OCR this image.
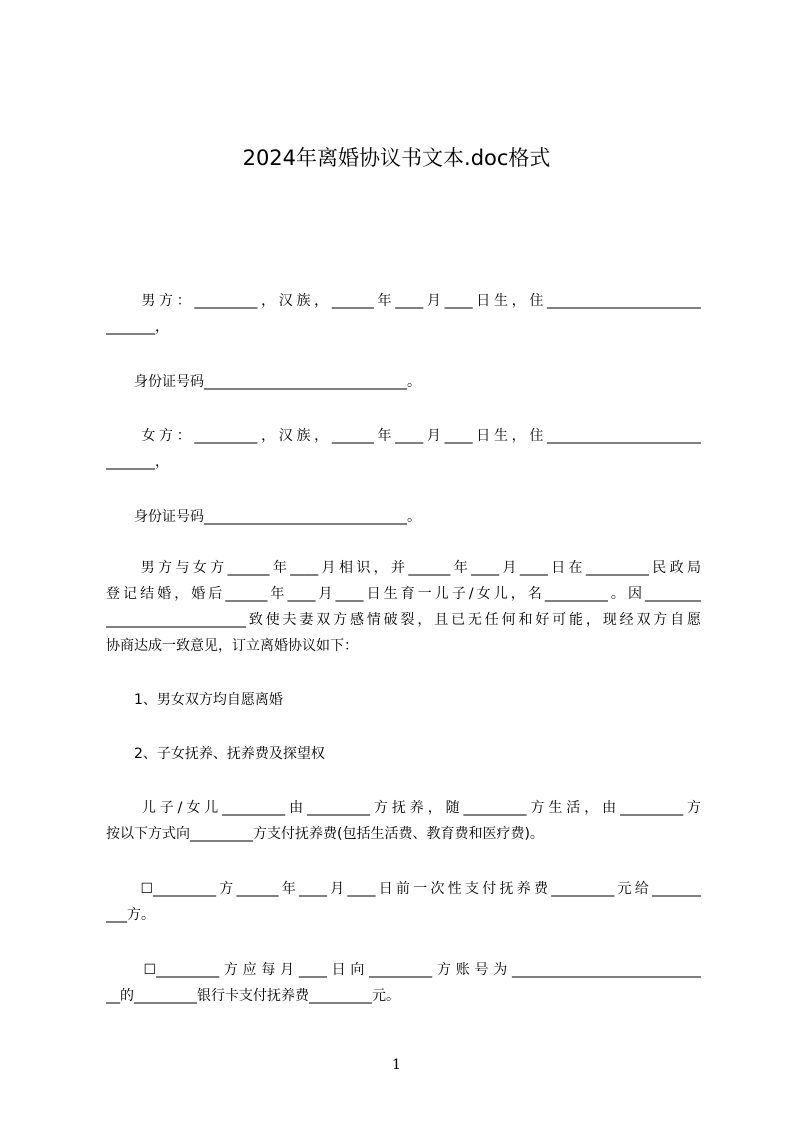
2024年离婚协议书文本.doc格式
　　男方：_________，汉族，______年____月____日生，住______________________
_______，
　　身份证号码_____________________________。
　　女方：_________，汉族，______年____月____日生，住______________________
_______，
　　身份证号码_____________________________。
　　男方与女方______年____月相识，并______年____月____日在_________民政局
登记结婚，婚后______年____月____日生育一儿子/女儿，名_________。因________
____________________致使夫妻双方感情破裂，且已无任何和好可能，现经双方自愿
协商达成一致意见，订立离婚协议如下：
　　1、男女双方均自愿离婚
　　2、子女抚养、抚养费及探望权
　　儿子/女儿_________由_________方抚养，随_________方生活，由_________方
按以下方式向_________方支付抚养费(包括生活费、教育费和医疗费)。
　　☐_________方______年____月____日前一次性支付抚养费_________元给_______
___方。
　　☐_________方应每月____日向_________方账号为___________________________
__的_________银行卡支付抚养费_________元。
1
